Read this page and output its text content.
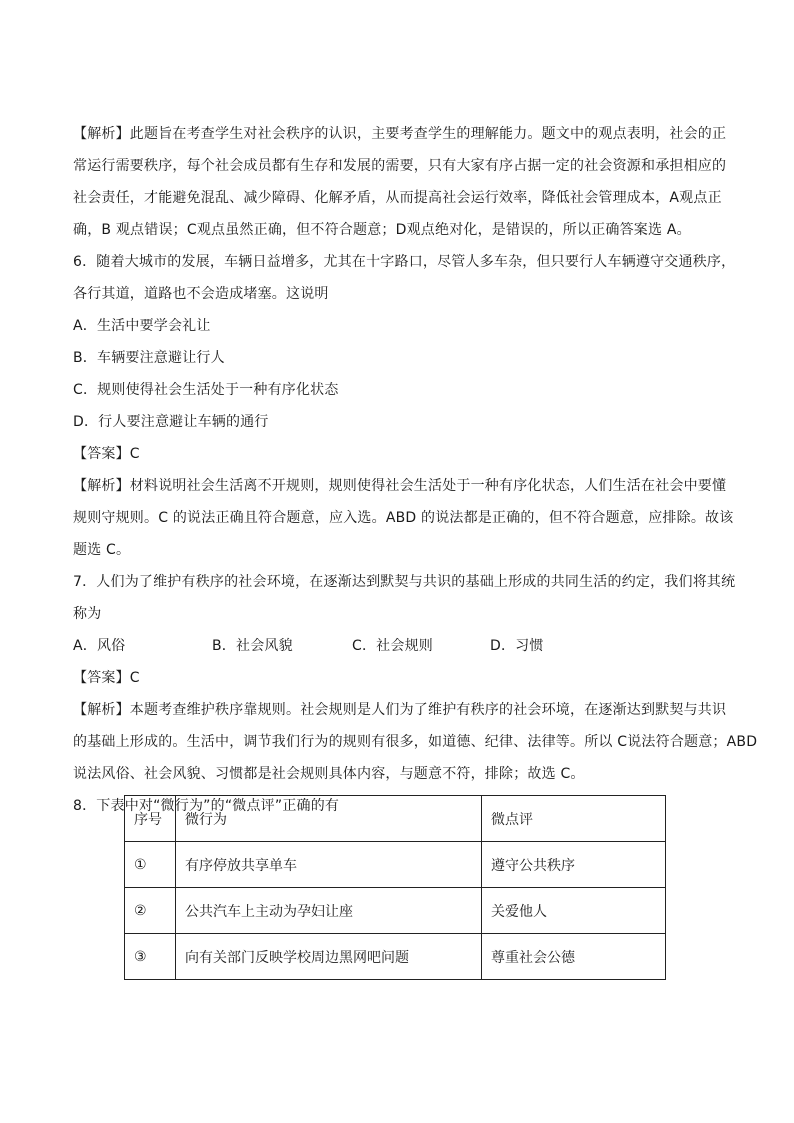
【解析】此题旨在考查学生对社会秩序的认识，主要考查学生的理解能力。题文中的观点表明，社会的正
常运行需要秩序，每个社会成员都有生存和发展的需要，只有大家有序占据一定的社会资源和承担相应的
社会责任，才能避免混乱、减少障碍、化解矛盾，从而提高社会运行效率，降低社会管理成本，A观点正
确，B 观点错误；C观点虽然正确，但不符合题意；D观点绝对化，是错误的，所以正确答案选 A。
6．随着大城市的发展，车辆日益增多，尤其在十字路口，尽管人多车杂，但只要行人车辆遵守交通秩序，
各行其道，道路也不会造成堵塞。这说明
A．生活中要学会礼让
B．车辆要注意避让行人
C．规则使得社会生活处于一种有序化状态
D．行人要注意避让车辆的通行
【答案】C
【解析】材料说明社会生活离不开规则，规则使得社会生活处于一种有序化状态，人们生活在社会中要懂
规则守规则。C 的说法正确且符合题意，应入选。ABD 的说法都是正确的，但不符合题意，应排除。故该
题选 C。
7．人们为了维护有秩序的社会环境，在逐渐达到默契与共识的基础上形成的共同生活的约定，我们将其统
称为
A．风俗	B．社会风貌	C．社会规则	D．习惯
【答案】C
【解析】本题考查维护秩序靠规则。社会规则是人们为了维护有秩序的社会环境，在逐渐达到默契与共识
的基础上形成的。生活中，调节我们行为的规则有很多，如道德、纪律、法律等。所以 C说法符合题意；ABD
说法风俗、社会风貌、习惯都是社会规则具体内容，与题意不符，排除；故选 C。
8．下表中对“微行为”的“微点评”正确的有
序号	微行为	微点评
①	有序停放共享单车	遵守公共秩序
②	公共汽车上主动为孕妇让座	关爱他人
③	向有关部门反映学校周边黑网吧问题	尊重社会公德
